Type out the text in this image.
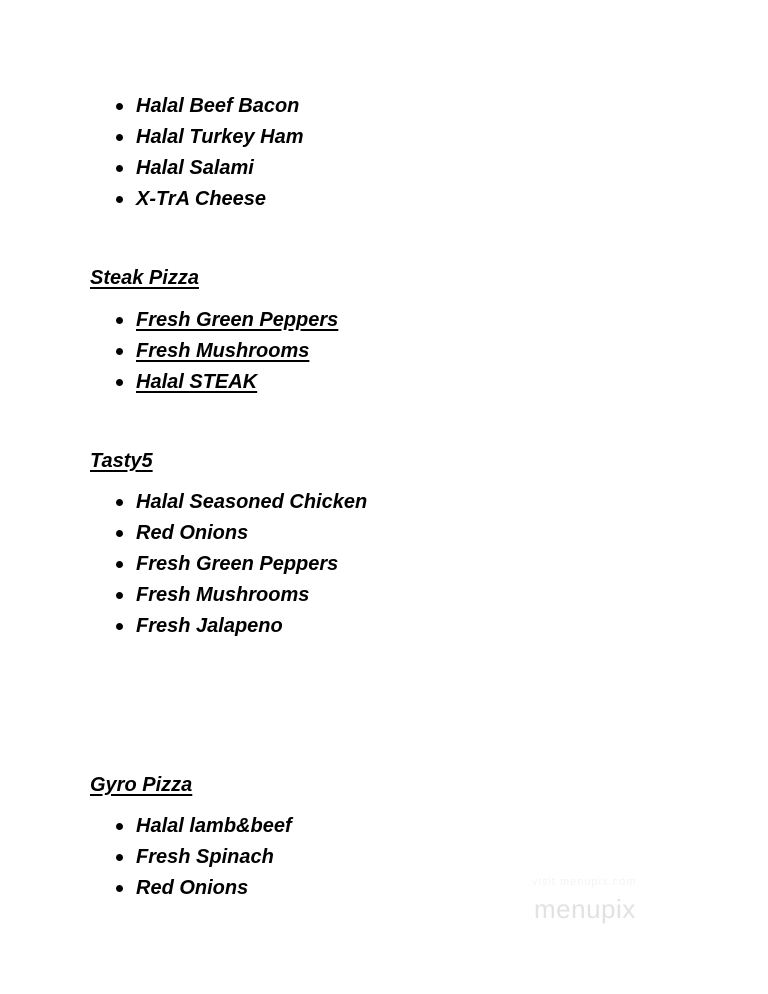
Halal Beef Bacon
Halal Turkey Ham
Halal Salami
X-TrA Cheese
Steak Pizza
Fresh Green Peppers
Fresh Mushrooms
Halal STEAK
Tasty5
Halal Seasoned Chicken
Red Onions
Fresh Green Peppers
Fresh Mushrooms
Fresh Jalapeno
Gyro Pizza
Halal lamb&beef
Fresh Spinach
Red Onions	visit menupix.com
menupix
